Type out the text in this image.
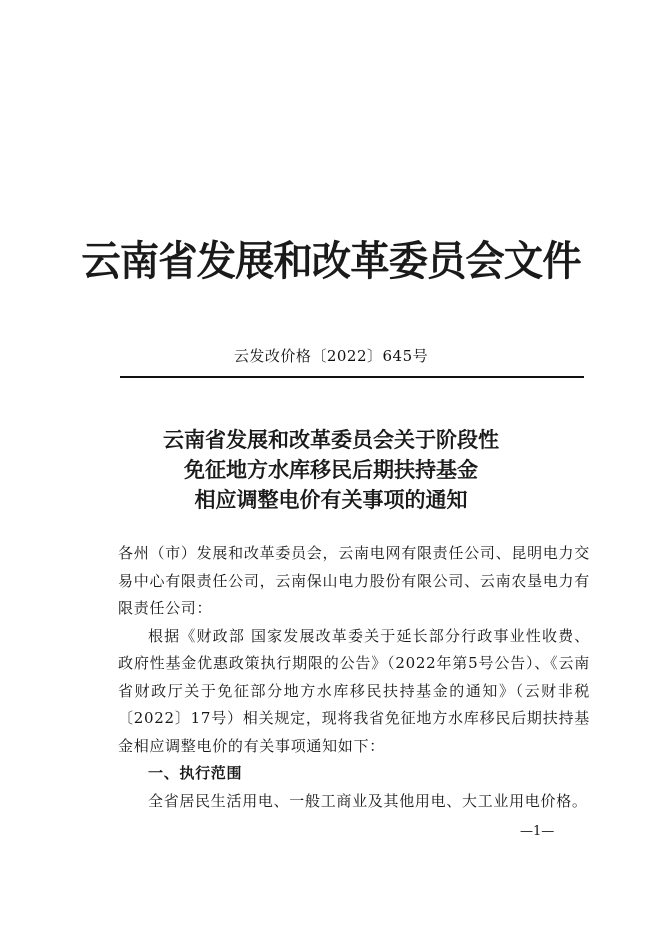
云南省发展和改革委员会文件
云发改价格〔2022〕645号
云南省发展和改革委员会关于阶段性
免征地方水库移民后期扶持基金
相应调整电价有关事项的通知

各州（市）发展和改革委员会，云南电网有限责任公司、昆明电力交易中心有限责任公司，云南保山电力股份有限公司、云南农垦电力有限责任公司：

根据《财政部 国家发展改革委关于延长部分行政事业性收费、政府性基金优惠政策执行期限的公告》（2022年第5号公告）、《云南省财政厅关于免征部分地方水库移民扶持基金的通知》（云财非税〔2022〕17号）相关规定，现将我省免征地方水库移民后期扶持基金相应调整电价的有关事项通知如下：

一、执行范围

全省居民生活用电、一般工商业及其他用电、大工业用电价格。

—1—
